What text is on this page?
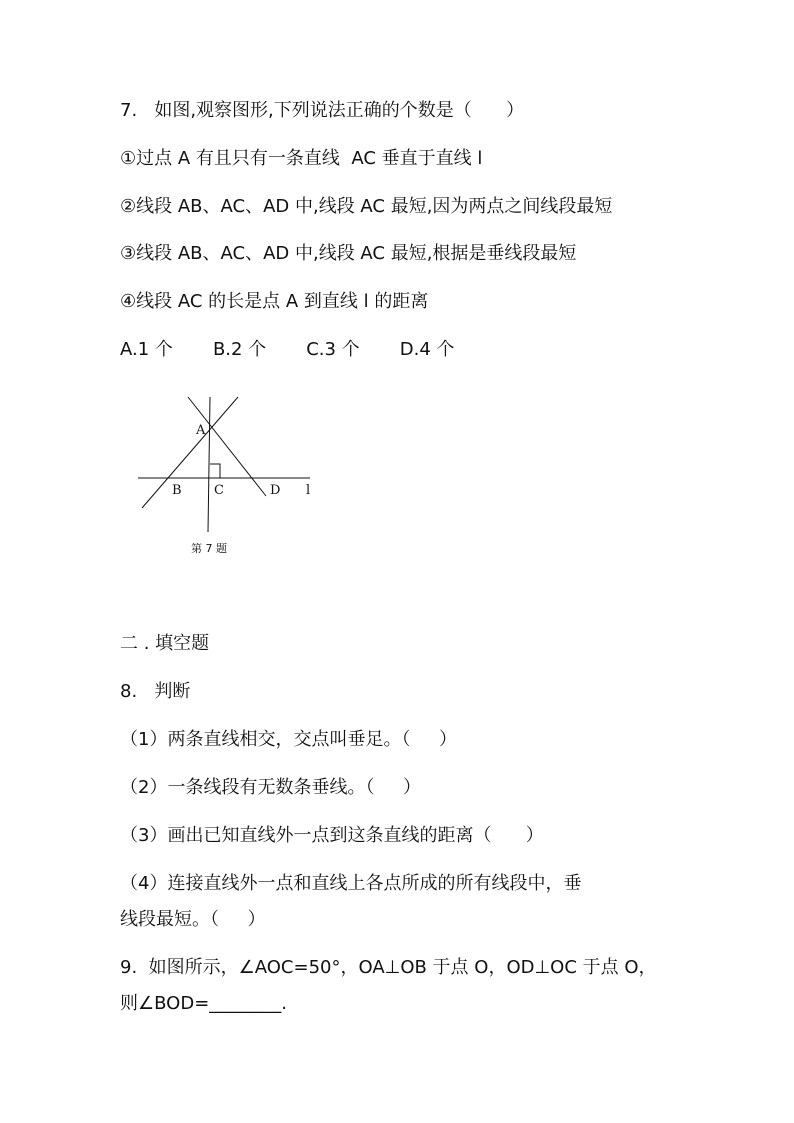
7.   如图,观察图形,下列说法正确的个数是（      ）
①过点 A 有且只有一条直线  AC 垂直于直线 l
②线段 AB、AC、AD 中,线段 AC 最短,因为两点之间线段最短
③线段 AB、AC、AD 中,线段 AC 最短,根据是垂线段最短
④线段 AC 的长是点 A 到直线 l 的距离
A.1 个       B.2 个       C.3 个       D.4 个
A
B C	D l
第 7 题
二 . 填空题
8.   判断
（1）两条直线相交，交点叫垂足。（     ）
（2）一条线段有无数条垂线。（     ）
（3）画出已知直线外一点到这条直线的距离（      ）
（4）连接直线外一点和直线上各点所成的所有线段中，垂
线段最短。（     ）
9.  如图所示，∠AOC=50°，OA⊥OB 于点 O，OD⊥OC 于点 O，
则∠BOD=________.
